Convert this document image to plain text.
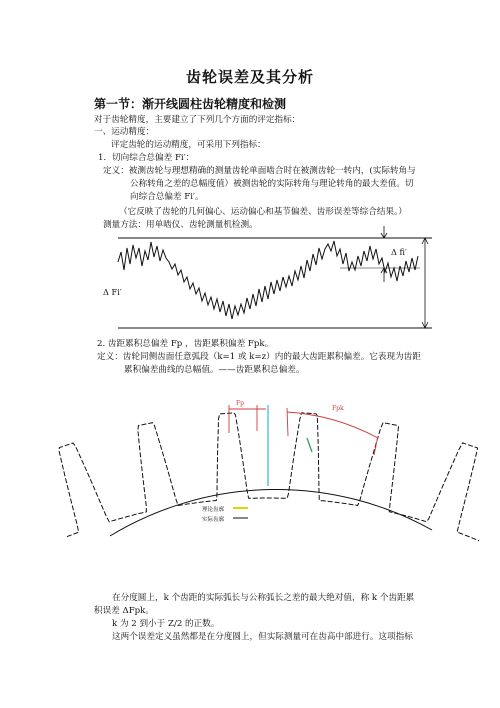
齿轮误差及其分析
第一节：渐开线圆柱齿轮精度和检测
对于齿轮精度，主要建立了下列几个方面的评定指标：
一、运动精度：
评定齿轮的运动精度，可采用下列指标：
1．切向综合总偏差 Fi′：
定义：被测齿轮与理想精确的测量齿轮单面啮合时在被测齿轮一转内，(实际转角与
公称转角之差的总幅度值）被测齿轮的实际转角与理论转角的最大差值。切
向综合总偏差 Fi′。
（它反映了齿轮的几何偏心、运动偏心和基节偏差、齿形误差等综合结果。）
测量方法：用单啮仪、齿轮测量机检测。
Δ fi′
Δ Fi′
2. 齿距累积总偏差 Fp ，齿距累积偏差 Fpk。
定义：齿轮同侧齿面任意弧段（k=1 或 k=z）内的最大齿距累积偏差。它表现为齿距
累积偏差曲线的总幅值。——齿距累积总偏差。
Fp
Fpk
理论齿廓
实际齿廓
在分度圆上，k 个齿距的实际弧长与公称弧长之差的最大绝对值，称 k 个齿距累
积误差 ΔFpk。
k 为 2 到小于 Z/2 的正数。
这两个误差定义虽然都是在分度圆上，但实际测量可在齿高中部进行。这项指标
